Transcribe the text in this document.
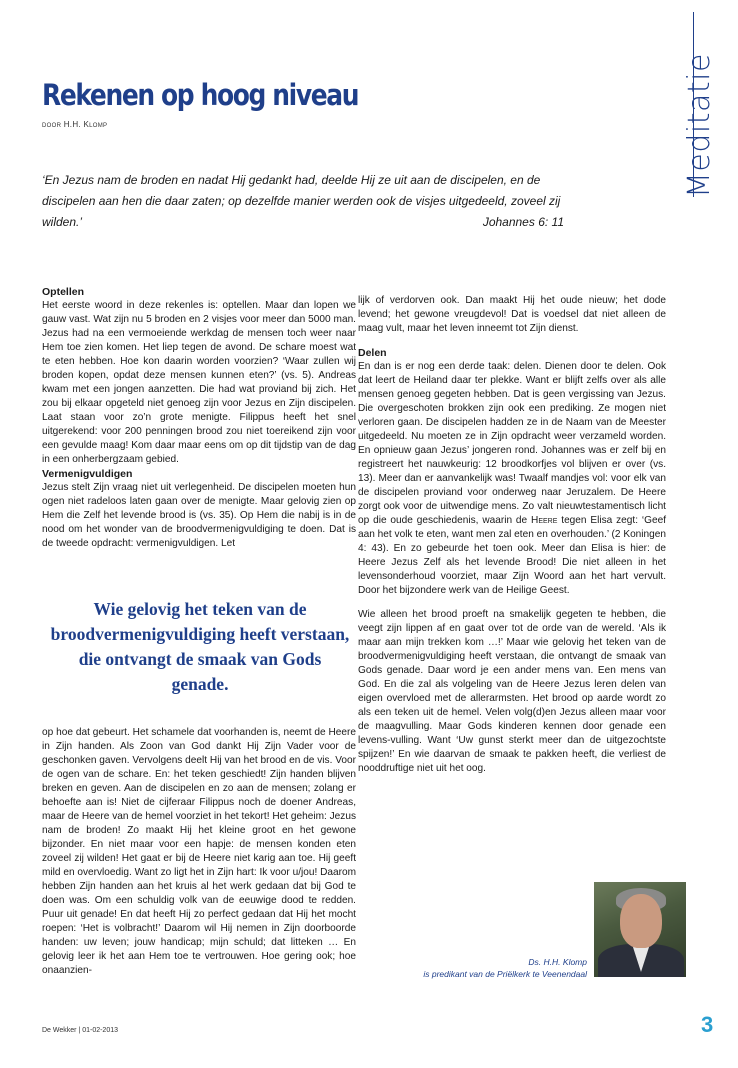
Meditatie
Rekenen op hoog niveau
door H.H. Klomp
‘En Jezus nam de broden en nadat Hij gedankt had, deelde Hij ze uit aan de discipelen, en de discipelen aan hen die daar zaten; op dezelfde manier werden ook de visjes uitgedeeld, zoveel zij wilden.’	Johannes 6: 11
Optellen

Het eerste woord in deze rekenles is: optellen. Maar dan lopen we gauw vast. Wat zijn nu 5 broden en 2 visjes voor meer dan 5000 man. Jezus had na een vermoeiende werkdag de mensen toch weer naar Hem toe zien komen. Het liep tegen de avond. De schare moest wat te eten hebben. Hoe kon daarin worden voorzien? ‘Waar zullen wij broden kopen, opdat deze mensen kunnen eten?’ (vs. 5). Andreas kwam met een jongen aanzetten. Die had wat proviand bij zich. Het zou bij elkaar opgeteld niet genoeg zijn voor Jezus en Zijn discipelen. Laat staan voor zo’n grote menigte. Filippus heeft het snel uitgerekend: voor 200 penningen brood zou niet toereikend zijn voor een gevulde maag! Kom daar maar eens om op dit tijdstip van de dag in een onherbergzaam gebied.

Vermenigvuldigen

Jezus stelt Zijn vraag niet uit verlegenheid. De discipelen moeten hun ogen niet radeloos laten gaan over de menigte. Maar gelovig zien op Hem die Zelf het levende brood is (vs. 35). Op Hem die nabij is in de nood om het wonder van de broodvermenigvuldiging te doen. Dat is de tweede opdracht: vermenigvuldigen. Let

Wie gelovig het teken van de broodvermenigvuldiging heeft verstaan, die ontvangt de smaak van Gods genade.

op hoe dat gebeurt. Het schamele dat voorhanden is, neemt de Heere in Zijn handen. Als Zoon van God dankt Hij Zijn Vader voor de geschonken gaven. Vervolgens deelt Hij van het brood en de vis. Voor de ogen van de schare. En: het teken geschiedt! Zijn handen blijven breken en geven. Aan de discipelen en zo aan de mensen; zolang er behoefte aan is! Niet de cijferaar Filippus noch de doener Andreas, maar de Heere van de hemel voorziet in het tekort! Het geheim: Jezus nam de broden! Zo maakt Hij het kleine groot en het gewone bijzonder. En niet maar voor een hapje: de mensen konden eten zoveel zij wilden! Het gaat er bij de Heere niet karig aan toe. Hij geeft mild en overvloedig. Want zo ligt het in Zijn hart: Ik voor u/jou! Daarom hebben Zijn handen aan het kruis al het werk gedaan dat bij God te doen was. Om een schuldig volk van de eeuwige dood te redden. Puur uit genade! En dat heeft Hij zo perfect gedaan dat Hij het mocht roepen: ‘Het is volbracht!’ Daarom wil Hij nemen in Zijn doorboorde handen: uw leven; jouw handicap; mijn schuld; dat litteken … En gelovig leer ik het aan Hem toe te vertrouwen. Hoe gering ook; hoe onaanzien-

lijk of verdorven ook. Dan maakt Hij het oude nieuw; het dode levend; het gewone vreugdevol! Dat is voedsel dat niet alleen de maag vult, maar het leven inneemt tot Zijn dienst.

Delen

En dan is er nog een derde taak: delen. Dienen door te delen. Ook dat leert de Heiland daar ter plekke. Want er blijft zelfs over als alle mensen genoeg gegeten hebben. Dat is geen vergissing van Jezus. Die overgeschoten brokken zijn ook een prediking. Ze mogen niet verloren gaan. De discipelen hadden ze in de Naam van de Meester uitgedeeld. Nu moeten ze in Zijn opdracht weer verzameld worden. En opnieuw gaan Jezus’ jongeren rond. Johannes was er zelf bij en registreert het nauwkeurig: 12 broodkorfjes vol blijven er over (vs. 13). Meer dan er aanvankelijk was! Twaalf mandjes vol: voor elk van de discipelen proviand voor onderweg naar Jeruzalem. De Heere zorgt ook voor de uitwendige mens. Zo valt nieuwtestamentisch licht op die oude geschiedenis, waarin de Heere tegen Elisa zegt: ‘Geef aan het volk te eten, want men zal eten en overhouden.’ (2 Koningen 4: 43). En zo gebeurde het toen ook. Meer dan Elisa is hier: de Heere Jezus Zelf als het levende Brood! Die niet alleen in het levensonderhoud voorziet, maar Zijn Woord aan het hart vervult. Door het bijzondere werk van de Heilige Geest.

Wie alleen het brood proeft na smakelijk gegeten te hebben, die veegt zijn lippen af en gaat over tot de orde van de wereld. ‘Als ik maar aan mijn trekken kom …!’ Maar wie gelovig het teken van de broodvermenigvuldiging heeft verstaan, die ontvangt de smaak van Gods genade. Daar word je een ander mens van. Een mens van God. En die zal als volgeling van de Heere Jezus leren delen van eigen overvloed met de allerarmsten. Het brood op aarde wordt zo als een teken uit de hemel. Velen volg(d)en Jezus alleen maar voor de maagvulling. Maar Gods kinderen kennen door genade een levens-vulling. Want ‘Uw gunst sterkt meer dan de uitgezochtste spijzen!’ En wie daarvan de smaak te pakken heeft, die verliest de nooddruftige niet uit het oog.

Ds. H.H. Klomp
is predikant van de Priëlkerk te Veenendaal
De Wekker | 01-02-2013	3
